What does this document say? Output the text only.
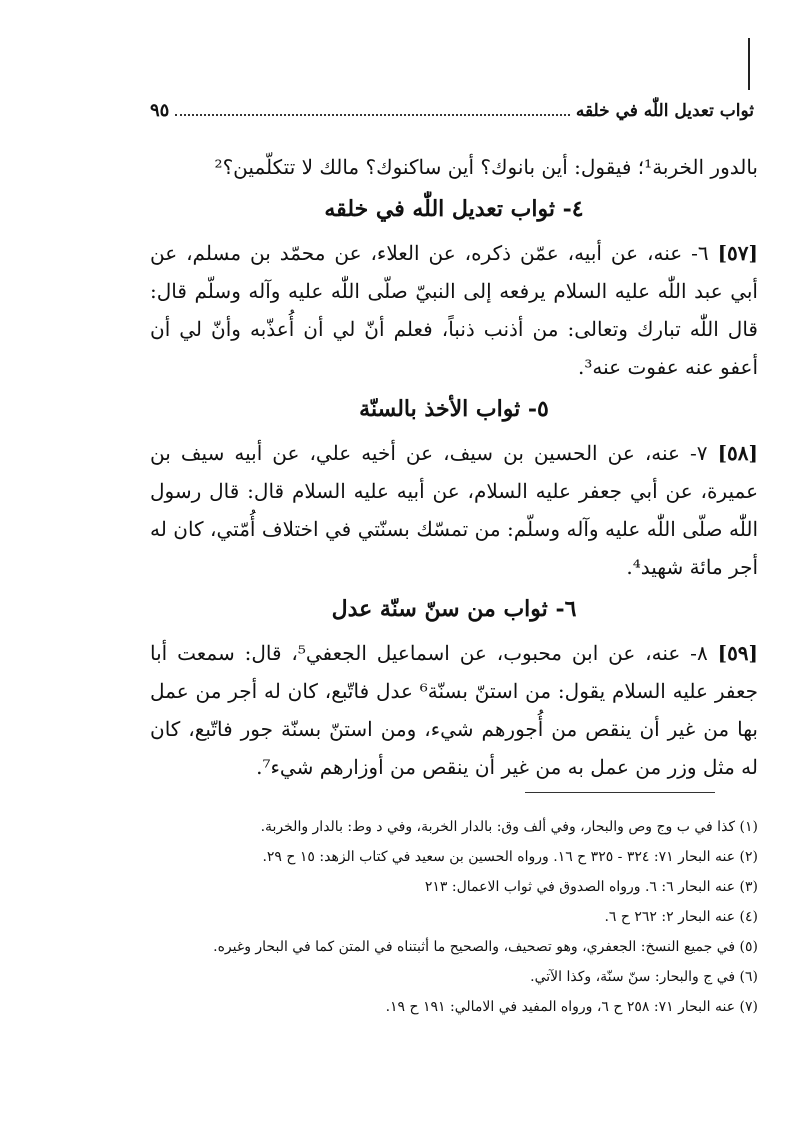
ثواب تعديل اللّٰه في خلقه
٩٥

بالدور الخربة¹؛ فيقول: أين بانوك؟ أين ساكنوك؟ مالك لا تتكلّمين؟²

٤- ثواب تعديل اللّٰه في خلقه

[٥٧] ٦- عنه، عن أبيه، عمّن ذكره، عن العلاء، عن محمّد بن مسلم، عن أبي عبد اللّٰه عليه السلام يرفعه إلى النبيّ صلّى اللّٰه عليه وآله وسلّم قال: قال اللّٰه تبارك وتعالى: من أذنب ذنباً، فعلم أنّ لي أن أُعذّبه وأنّ لي أن أعفو عنه عفوت عنه³.

٥- ثواب الأخذ بالسنّة

[٥٨] ٧- عنه، عن الحسين بن سيف، عن أخيه علي، عن أبيه سيف بن عميرة، عن أبي جعفر عليه السلام، عن أبيه عليه السلام قال: قال رسول اللّٰه صلّى اللّٰه عليه وآله وسلّم: من تمسّك بسنّتي في اختلاف أُمّتي، كان له أجر مائة شهيد⁴.

٦- ثواب من سنّ سنّة عدل

[٥٩] ٨- عنه، عن ابن محبوب، عن اسماعيل الجعفي⁵، قال: سمعت أبا جعفر عليه السلام يقول: من استنّ بسنّة⁶ عدل فاتّبع، كان له أجر من عمل بها من غير أن ينقص من أُجورهم شيء، ومن استنّ بسنّة جور فاتّبع، كان له مثل وزر من عمل به من غير أن ينقص من أوزارهم شيء⁷.

(١) كذا في ب وج وص والبحار، وفي ألف وق: بالدار الخربة، وفي د وط: بالدار والخربة.

(٢) عنه البحار ٧١: ٣٢٤ - ٣٢٥ ح ١٦. ورواه الحسين بن سعيد في كتاب الزهد: ١٥ ح ٢٩.

(٣) عنه البحار ٦: ٦. ورواه الصدوق في ثواب الاعمال: ٢١٣

(٤) عنه البحار ٢: ٢٦٢ ح ٦.

(٥) في جميع النسخ: الجعفري، وهو تصحيف، والصحيح ما أثبتناه في المتن كما في البحار وغيره.

(٦) في ج والبحار: سنّ سنّة، وكذا الآتي.

(٧) عنه البحار ٧١: ٢٥٨ ح ٦، ورواه المفيد في الامالي: ١٩١ ح ١٩.
